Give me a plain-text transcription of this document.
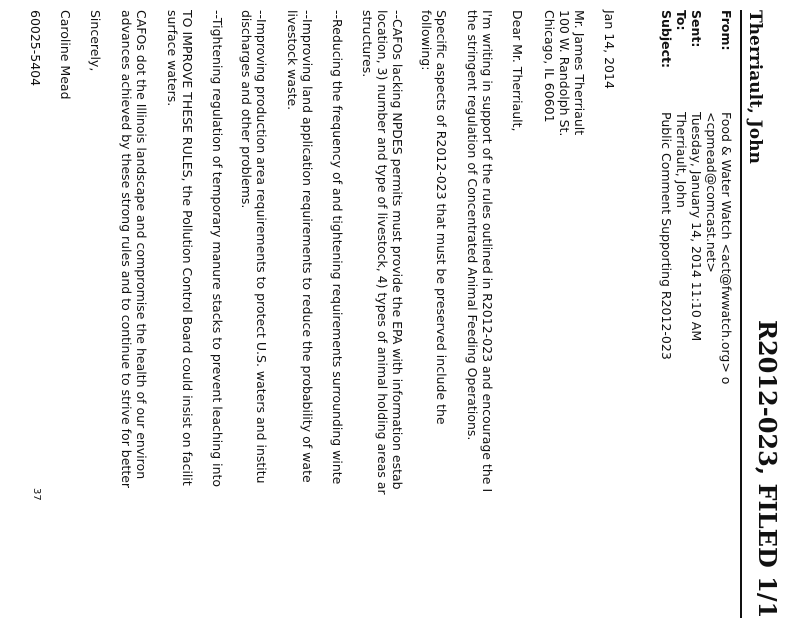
R2012-023, FILED 1/1
Therriault, John
From:
Food & Water Watch <act@fwwatch.org> o
<cpmead@comcast.net>
Sent:
Tuesday, January 14, 2014 11:10 AM
To:
Therriault, John
Subject:
Public Comment Supporting R2012-023
Jan 14, 2014
Mr. James Therriault
100 W. Randolph St.
Chicago, IL 60601
Dear Mr. Therriault,
I'm writing in support of the rules outlined in R2012-023 and encourage the I
the stringent regulation of Concentrated Animal Feeding Operations.
Specific aspects of R2012-023 that must be preserved include the
following:
--CAFOs lacking NPDES permits must provide the EPA with information estab
location, 3) number and type of livestock, 4) types of animal holding areas ar
structures.
--Reducing the frequency of and tightening requirements surrounding winte
--Improving land application requirements to reduce the probability of wate
livestock waste.
--Improving production area requirements to protect U.S. waters and institu
discharges and other problems.
--Tightening regulation of temporary manure stacks to prevent leaching into
TO IMPROVE THESE RULES, the Pollution Control Board could insist on facilit
surface waters.
CAFOs dot the Illinois landscape and compromise the health of our environ
advances achieved by these strong rules and to continue to strive for better
Sincerely,
Caroline Mead
60025-5404
37
